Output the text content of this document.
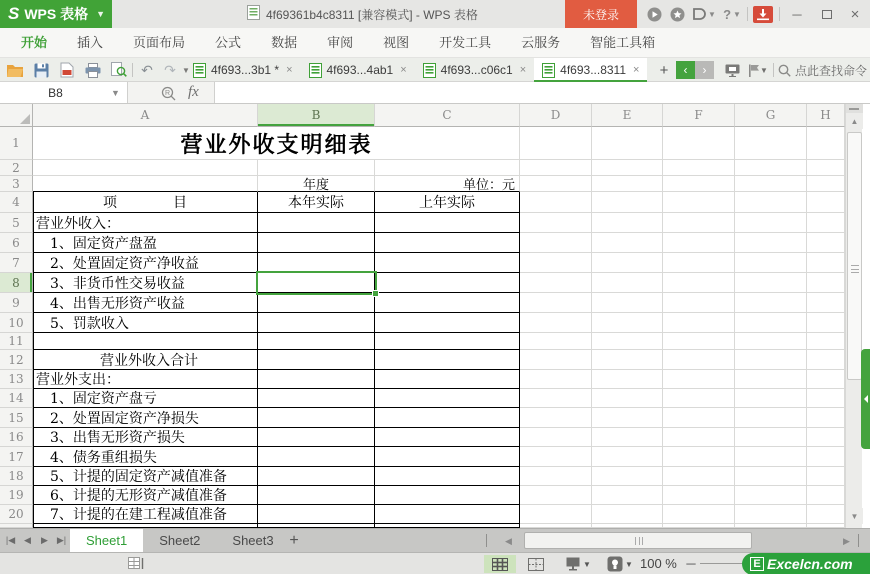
S WPS 表格 ▼	4f69361b4c8311 [兼容模式] - WPS 表格	未登录	▼ ? ▼	─	×
开始	插入	页面布局	公式	数据	审阅	视图	开发工具	云服务	智能工具箱
↶ ↷ ▼ 4f693...3b1 * ×	4f693...4ab1 ×	4f693...c06c1 ×	4f693...8311 ×	+	‹	›	▼ 点此查找命令
B8	▼	R fx
A	B	C	D	E	F	G	H
1
2
3
4
5
6
7
8
9
10
11
12
13
14
15
16
17
18
19
20
年度	单位：元
项　　　　目	本年实际	上年实际
营业外收入：
1、固定资产盘盈
2、处置固定资产净收益
3、非货币性交易收益
4、出售无形资产收益
5、罚款收入
营业外收入合计
营业外支出：
1、固定资产盘亏
2、处置固定资产净损失
3、出售无形资产损失
4、债务重组损失
5、计提的固定资产减值准备
6、计提的无形资产减值准备
7、计提的在建工程减值准备
营业外收支明细表
▲
▼
|◀ ◀	▶ ▶|	Sheet1	Sheet2	Sheet3 +	◀	▶
▼	▼ 100 % ─	E Excelcn.com
